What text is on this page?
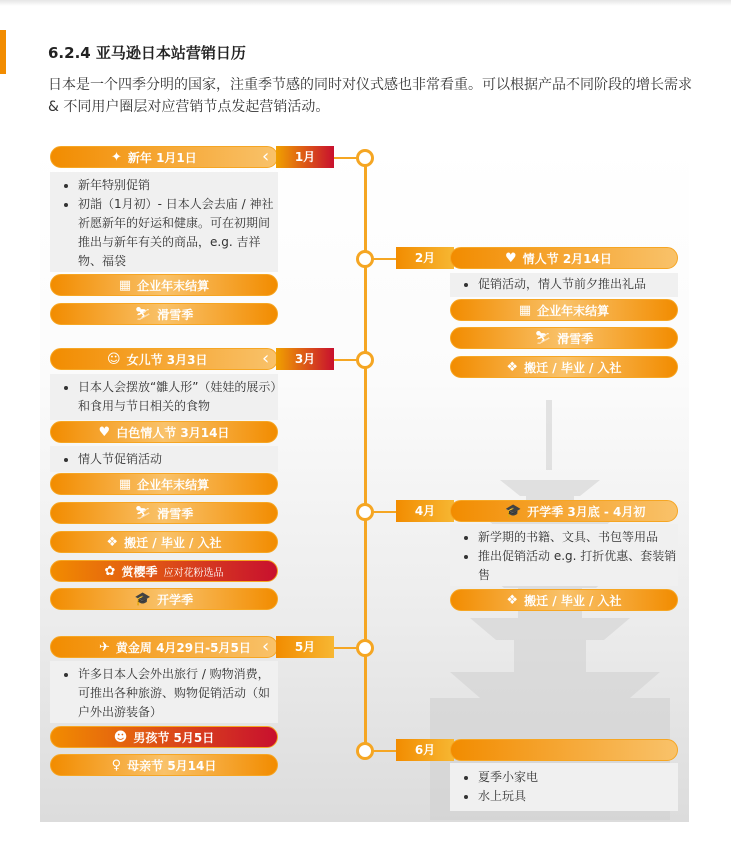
6.2.4 亚马逊日本站营销日历
日本是一个四季分明的国家，注重季节感的同时对仪式感也非常看重。可以根据产品不同阶段的增长需求 & 不同用户圈层对应营销节点发起营销活动。
✦ 新年 1月1日	1月
‹
• 新年特别促销
• 初詣（1月初）- 日本人会去庙 / 神社祈愿新年的好运和健康。可在初期间推出与新年有关的商品，e.g. 吉祥物、福袋
▦ 企业年末结算
⛷ 滑雪季
2月	♥ 情人节 2月14日
• 促销活动，情人节前夕推出礼品
▦ 企业年末结算
⛷ 滑雪季
❖ 搬迁 / 毕业 / 入社
☺ 女儿节 3月3日	3月
‹
• 日本人会摆放“雛人形”（娃娃的展示）和食用与节日相关的食物
♥ 白色情人节 3月14日
• 情人节促销活动
▦ 企业年末结算
⛷ 滑雪季
❖ 搬迁 / 毕业 / 入社
✿ 赏樱季 应对花粉选品
🎓 开学季
4月	🎓 开学季 3月底 - 4月初
• 新学期的书籍、文具、书包等用品
• 推出促销活动 e.g. 打折优惠、套装销售
❖ 搬迁 / 毕业 / 入社
✈ 黄金周 4月29日-5月5日	5月
‹
• 许多日本人会外出旅行 / 购物消费，可推出各种旅游、购物促销活动（如户外出游装备）
☻ 男孩节 5月5日
♀ 母亲节 5月14日
6月
• 夏季小家电
• 水上玩具
